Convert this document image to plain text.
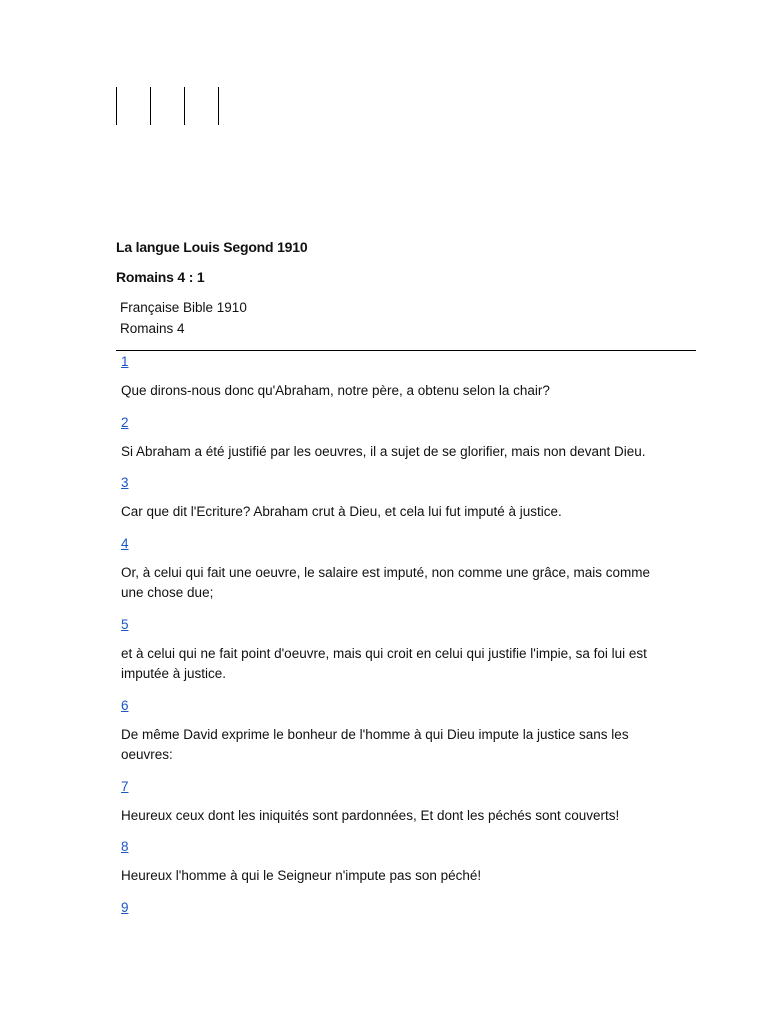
La langue Louis Segond 1910
Romains 4 : 1
Française Bible 1910
Romains 4
1

Que dirons-nous donc qu'Abraham, notre père, a obtenu selon la chair?

2

Si Abraham a été justifié par les oeuvres, il a sujet de se glorifier, mais non devant Dieu.

3

Car que dit l'Ecriture? Abraham crut à Dieu, et cela lui fut imputé à justice.

4

Or, à celui qui fait une oeuvre, le salaire est imputé, non comme une grâce, mais comme une chose due;

5

et à celui qui ne fait point d'oeuvre, mais qui croit en celui qui justifie l'impie, sa foi lui est imputée à justice.

6

De même David exprime le bonheur de l'homme à qui Dieu impute la justice sans les oeuvres:

7

Heureux ceux dont les iniquités sont pardonnées, Et dont les péchés sont couverts!

8

Heureux l'homme à qui le Seigneur n'impute pas son péché!

9
